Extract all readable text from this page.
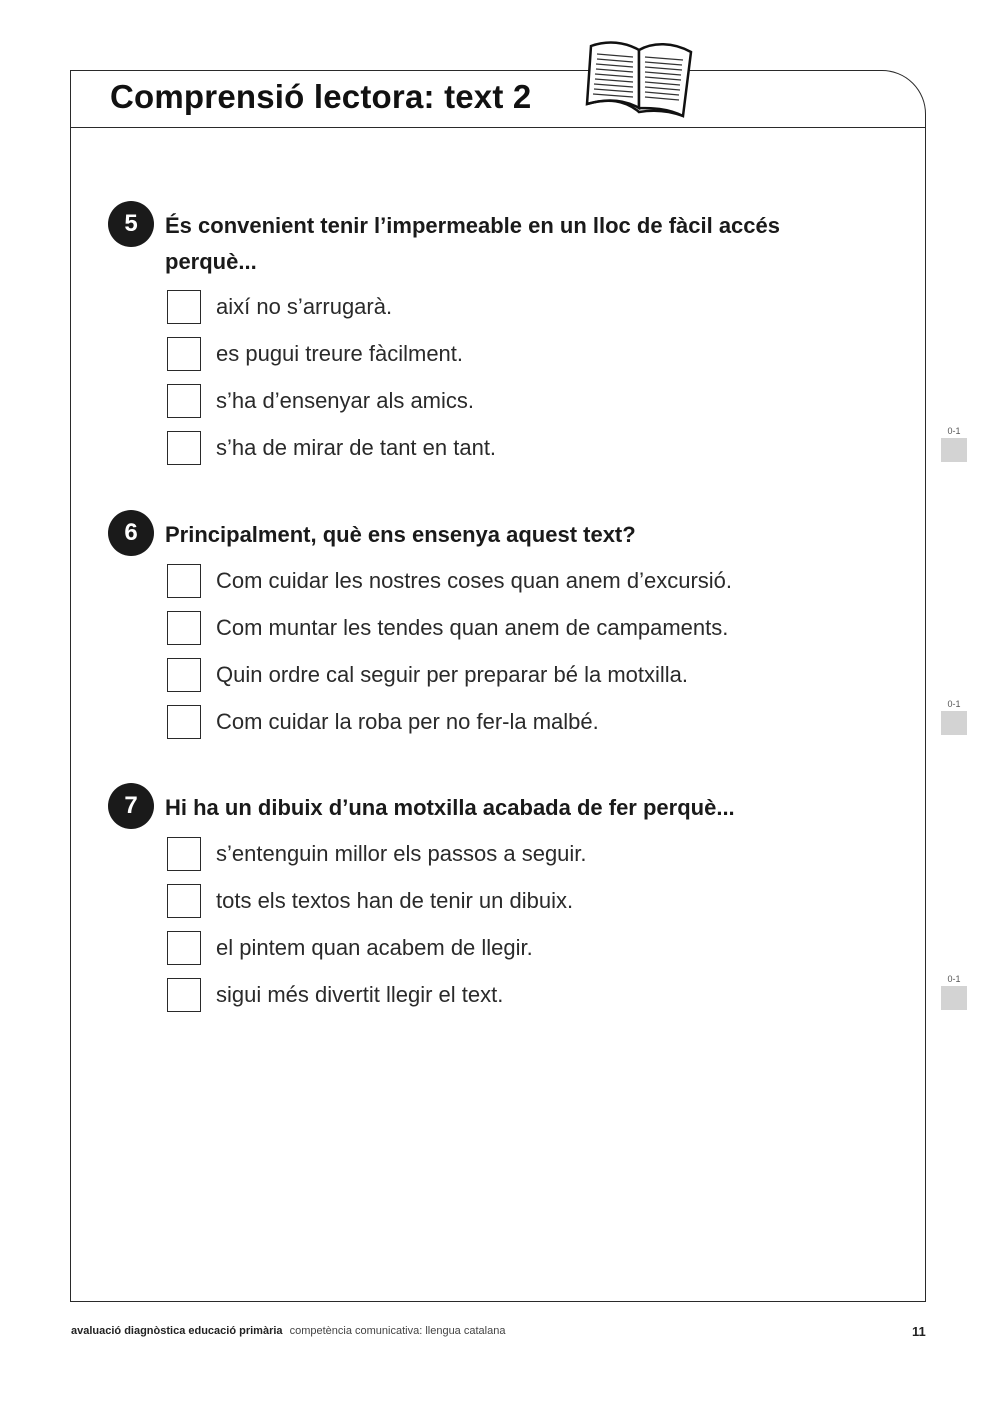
Comprensió lectora: text 2
5	És convenient tenir l’impermeable en un lloc de fàcil accés perquè...

així no s’arrugarà.
es pugui treure fàcilment.
s’ha d’ensenyar als amics.
s’ha de mirar de tant en tant.
6	Principalment, què ens ensenya aquest text?

Com cuidar les nostres coses quan anem d’excursió.
Com muntar les tendes quan anem de campaments.
Quin ordre cal seguir per preparar bé la motxilla.
Com cuidar la roba per no fer-la malbé.
7	Hi ha un dibuix d’una motxilla acabada de fer perquè...

s’entenguin millor els passos a seguir.
tots els textos han de tenir un dibuix.
el pintem quan acabem de llegir.
sigui més divertit llegir el text.
0-1
0-1
0-1
avaluació diagnòstica educació primària competència comunicativa: llengua catalana	11
